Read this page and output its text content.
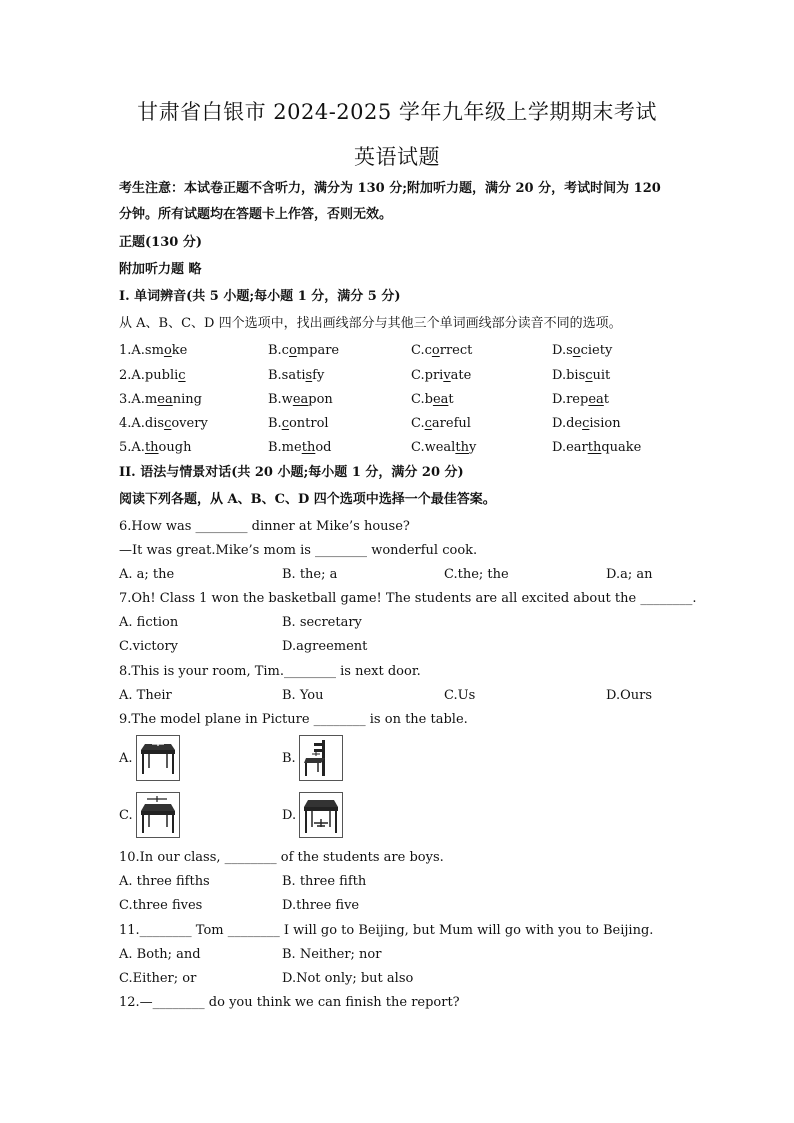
甘肃省白银市 2024-2025 学年九年级上学期期末考试
英语试题
考生注意：本试卷正题不含听力，满分为 130 分;附加听力题，满分 20 分，考试时间为 120
分钟。所有试题均在答题卡上作答，否则无效。
正题(130 分)
附加听力题 略
I. 单词辨音(共 5 小题;每小题 1 分，满分 5 分)
从 A、B、C、D 四个选项中，找出画线部分与其他三个单词画线部分读音不同的选项。
1.A.smoke	B.compare	C.correct	D.society
2.A.public	B.satisfy	C.private	D.biscuit
3.A.meaning	B.weapon	C.beat	D.repeat
4.A.discovery	B.control	C.careful	D.decision
5.A.though	B.method	C.wealthy	D.earthquake
II. 语法与情景对话(共 20 小题;每小题 1 分，满分 20 分)
阅读下列各题，从 A、B、C、D 四个选项中选择一个最佳答案。
6.How was ________ dinner at Mike’s house?
—It was great.Mike’s mom is ________ wonderful cook.
A. a; the	B. the; a	C.the; the	D.a; an
7.Oh! Class 1 won the basketball game! The students are all excited about the ________.
A. fiction	B. secretary
C.victory	D.agreement
8.This is your room, Tim.________ is next door.
A. Their	B. You	C.Us	D.Ours
9.The model plane in Picture ________ is on the table.
A.	B.
C.	D.
10.In our class, ________ of the students are boys.
A. three fifths	B. three fifth
C.three fives	D.three five
11.________ Tom ________ I will go to Beijing, but Mum will go with you to Beijing.
A. Both; and	B. Neither; nor
C.Either; or	D.Not only; but also
12.—________ do you think we can finish the report?
